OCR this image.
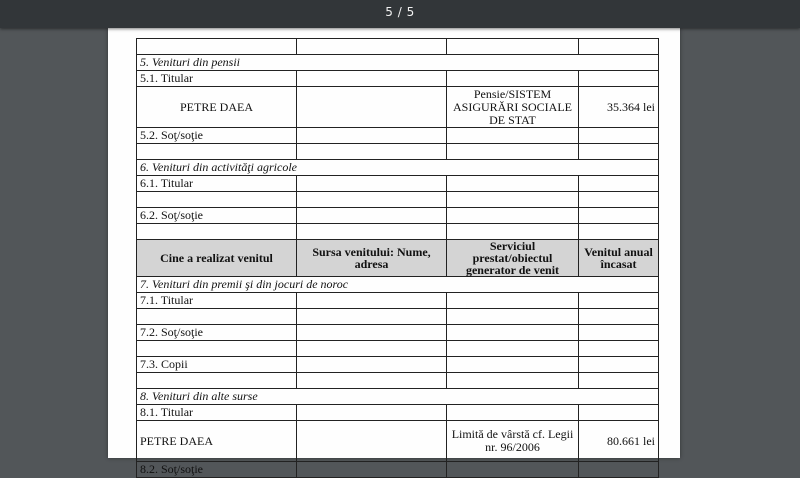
5 / 5

5. Venituri din pensii			
5.1. Titular			
PETRE DAEA		Pensie/SISTEM ASIGURĂRI SOCIALE DE STAT	35.364 lei
5.2. Soţ/soţie			

6. Venituri din activităţi agricole			
6.1. Titular			

6.2. Soţ/soţie			

Cine a realizat venitul	Sursa venitului: Nume, adresa	Serviciul prestat/obiectul generator de venit	Venitul anual încasat
7. Venituri din premii şi din jocuri de noroc			
7.1. Titular			

7.2. Soţ/soţie			

7.3. Copii			

8. Venituri din alte surse			
8.1. Titular			
PETRE DAEA		Limită de vârstă cf. Legii nr. 96/2006	80.661 lei
8.2. Soţ/soţie			
